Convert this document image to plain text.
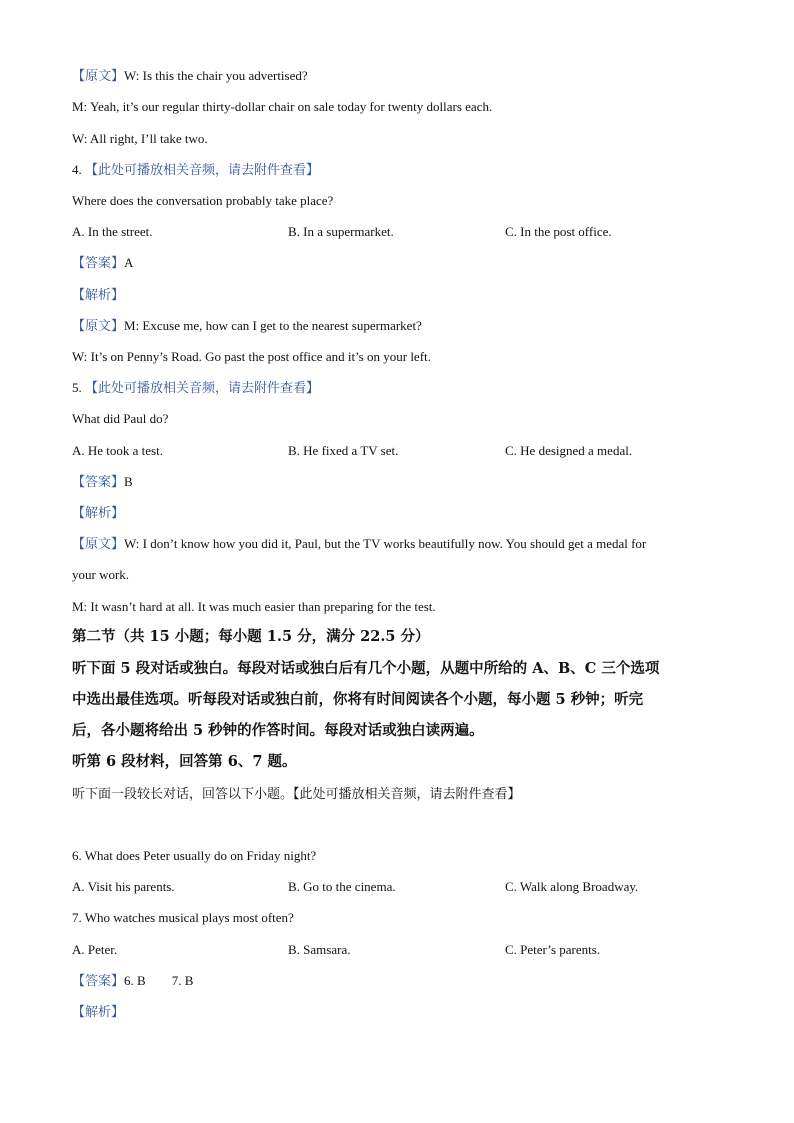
【原文】W: Is this the chair you advertised?
M: Yeah, it’s our regular thirty-dollar chair on sale today for twenty dollars each.
W: All right, I’ll take two.
4. 【此处可播放相关音频，请去附件查看】
Where does the conversation probably take place?
A. In the street.	B. In a supermarket.	C. In the post office.
【答案】A
【解析】
【原文】M: Excuse me, how can I get to the nearest supermarket?
W: It’s on Penny’s Road. Go past the post office and it’s on your left.
5. 【此处可播放相关音频，请去附件查看】
What did Paul do?
A. He took a test.	B. He fixed a TV set.	C. He designed a medal.
【答案】B
【解析】
【原文】W: I don’t know how you did it, Paul, but the TV works beautifully now. You should get a medal for
your work.
M: It wasn’t hard at all. It was much easier than preparing for the test.
第二节（共 15 小题；每小题 1.5 分，满分 22.5 分）
听下面 5 段对话或独白。每段对话或独白后有几个小题，从题中所给的 A、B、C 三个选项
中选出最佳选项。听每段对话或独白前，你将有时间阅读各个小题，每小题 5 秒钟；听完
后，各小题将给出 5 秒钟的作答时间。每段对话或独白读两遍。
听第 6 段材料，回答第 6、7 题。
听下面一段较长对话，回答以下小题。【此处可播放相关音频，请去附件查看】
6. What does Peter usually do on Friday night?
A. Visit his parents.	B. Go to the cinema.	C. Walk along Broadway.
7. Who watches musical plays most often?
A. Peter.	B. Samsara.	C. Peter’s parents.
【答案】6. B 7. B
【解析】
